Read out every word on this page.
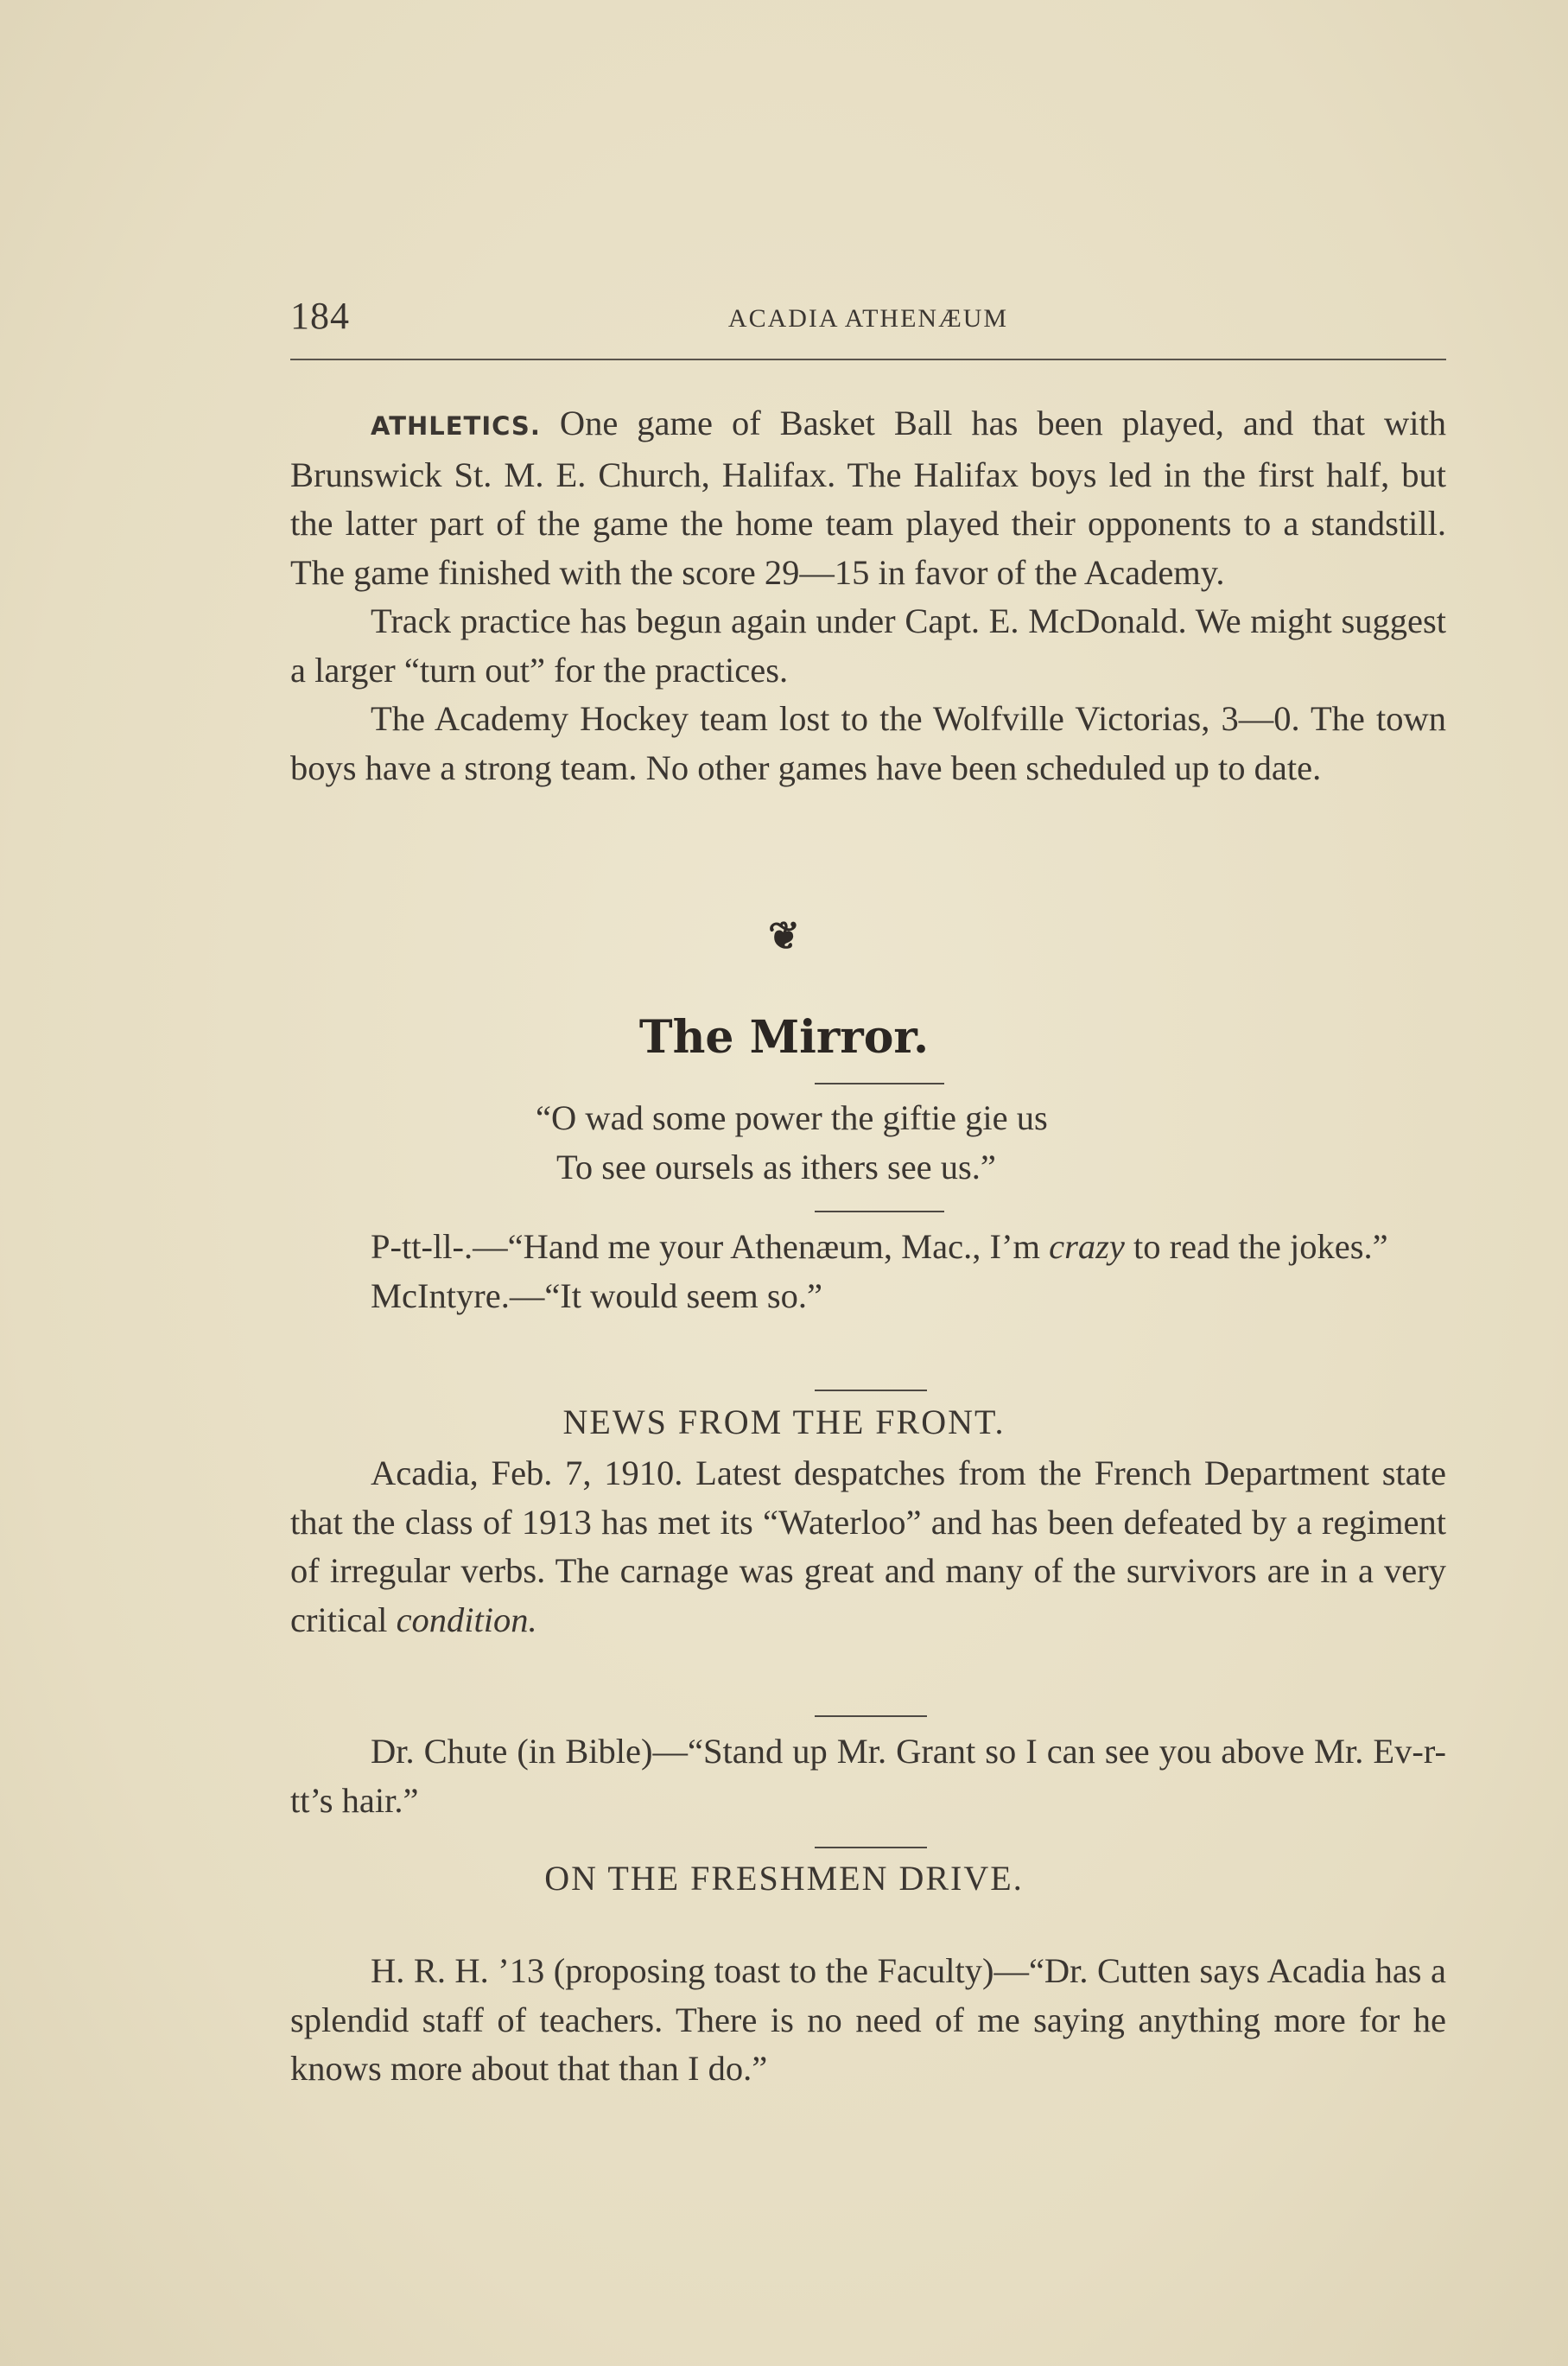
184	ACADIA ATHENÆUM

ATHLETICS. One game of Basket Ball has been played, and that with Brunswick St. M. E. Church, Halifax. The Halifax boys led in the first half, but the latter part of the game the home team played their opponents to a standstill. The game finished with the score 29—15 in favor of the Academy.

Track practice has begun again under Capt. E. McDonald. We might suggest a larger “turn out” for the practices.

The Academy Hockey team lost to the Wolfville Victorias, 3—0. The town boys have a strong team. No other games have been scheduled up to date.

❦
The Mirror.
“O wad some power the giftie gie us
To see oursels as ithers see us.”

P-tt-ll-.—“Hand me your Athenæum, Mac., I’m crazy to read the jokes.”

McIntyre.—“It would seem so.”

NEWS FROM THE FRONT.

Acadia, Feb. 7, 1910. Latest despatches from the French Department state that the class of 1913 has met its “Waterloo” and has been defeated by a regiment of irregular verbs. The carnage was great and many of the survivors are in a very critical condition.

Dr. Chute (in Bible)—“Stand up Mr. Grant so I can see you above Mr. Ev-r-tt’s hair.”

ON THE FRESHMEN DRIVE.

H. R. H. ’13 (proposing toast to the Faculty)—“Dr. Cutten says Acadia has a splendid staff of teachers. There is no need of me saying anything more for he knows more about that than I do.”
